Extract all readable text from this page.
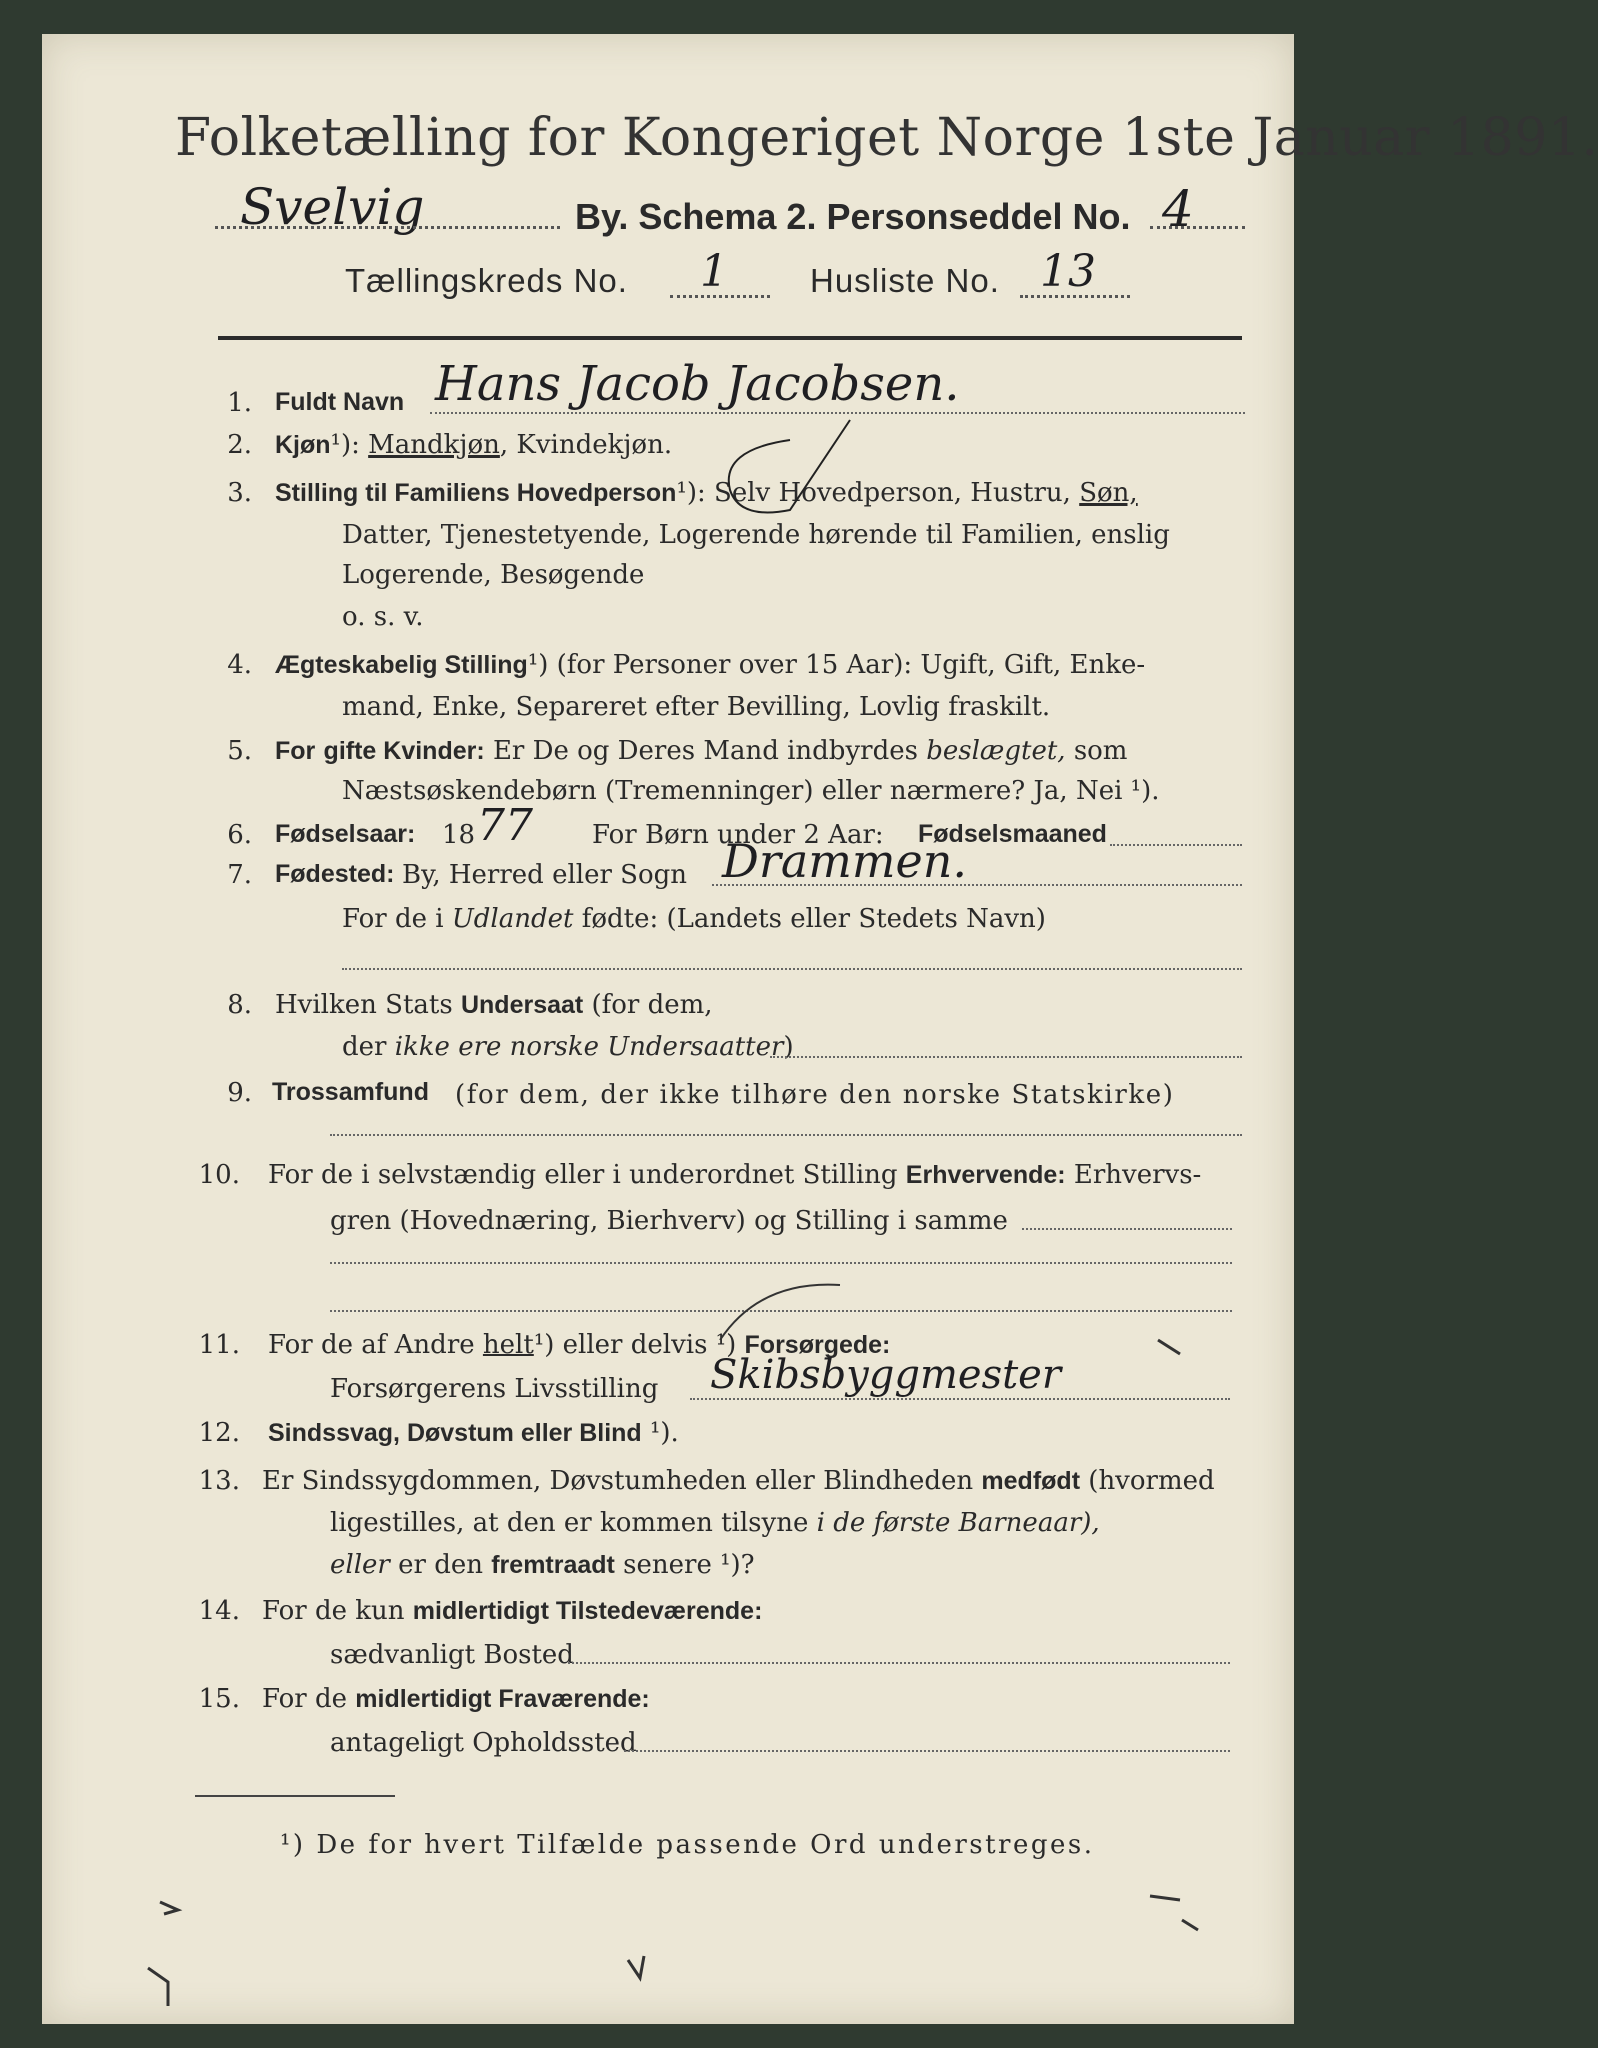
Folketælling for Kongeriget Norge 1ste Januar 1891.
Svelvig	By. Schema 2. Personseddel No. 4
Tællingskreds No. 1 Husliste No. 13
1. Fuldt Navn Hans Jacob Jacobsen.
2. Kjøn¹): Mandkjøn, Kvindekjøn.
3. Stilling til Familiens Hovedperson¹): Selv Hovedperson, Hustru, Søn,
Datter, Tjenestetyende, Logerende hørende til Familien, enslig
Logerende, Besøgende
o. s. v.
4. Ægteskabelig Stilling¹) (for Personer over 15 Aar): Ugift, Gift, Enke-
mand, Enke, Separeret efter Bevilling, Lovlig fraskilt.
5. For gifte Kvinder: Er De og Deres Mand indbyrdes beslægtet, som
Næstsøskendebørn (Tremenninger) eller nærmere? Ja, Nei ¹).
6. Fødselsaar: 18 77 For Børn under 2 Aar: Fødselsmaaned
7. Fødested: By, Herred eller Sogn Drammen.
For de i Udlandet fødte: (Landets eller Stedets Navn)
8. Hvilken Stats Undersaat (for dem,
der ikke ere norske Undersaatter)
9. Trossamfund (for dem, der ikke tilhøre den norske Statskirke)
10. For de i selvstændig eller i underordnet Stilling Erhvervende: Erhvervs-
gren (Hovednæring, Bierhverv) og Stilling i samme
11. For de af Andre helt¹) eller delvis ¹) Forsørgede:
Forsørgerens Livsstilling Skibsbyggmester
12. Sindssvag, Døvstum eller Blind ¹).
13. Er Sindssygdommen, Døvstumheden eller Blindheden medfødt (hvormed
ligestilles, at den er kommen tilsyne i de første Barneaar),
eller er den fremtraadt senere ¹)?
14. For de kun midlertidigt Tilstedeværende:
sædvanligt Bosted
15. For de midlertidigt Fraværende:
antageligt Opholdssted
¹) De for hvert Tilfælde passende Ord understreges.
